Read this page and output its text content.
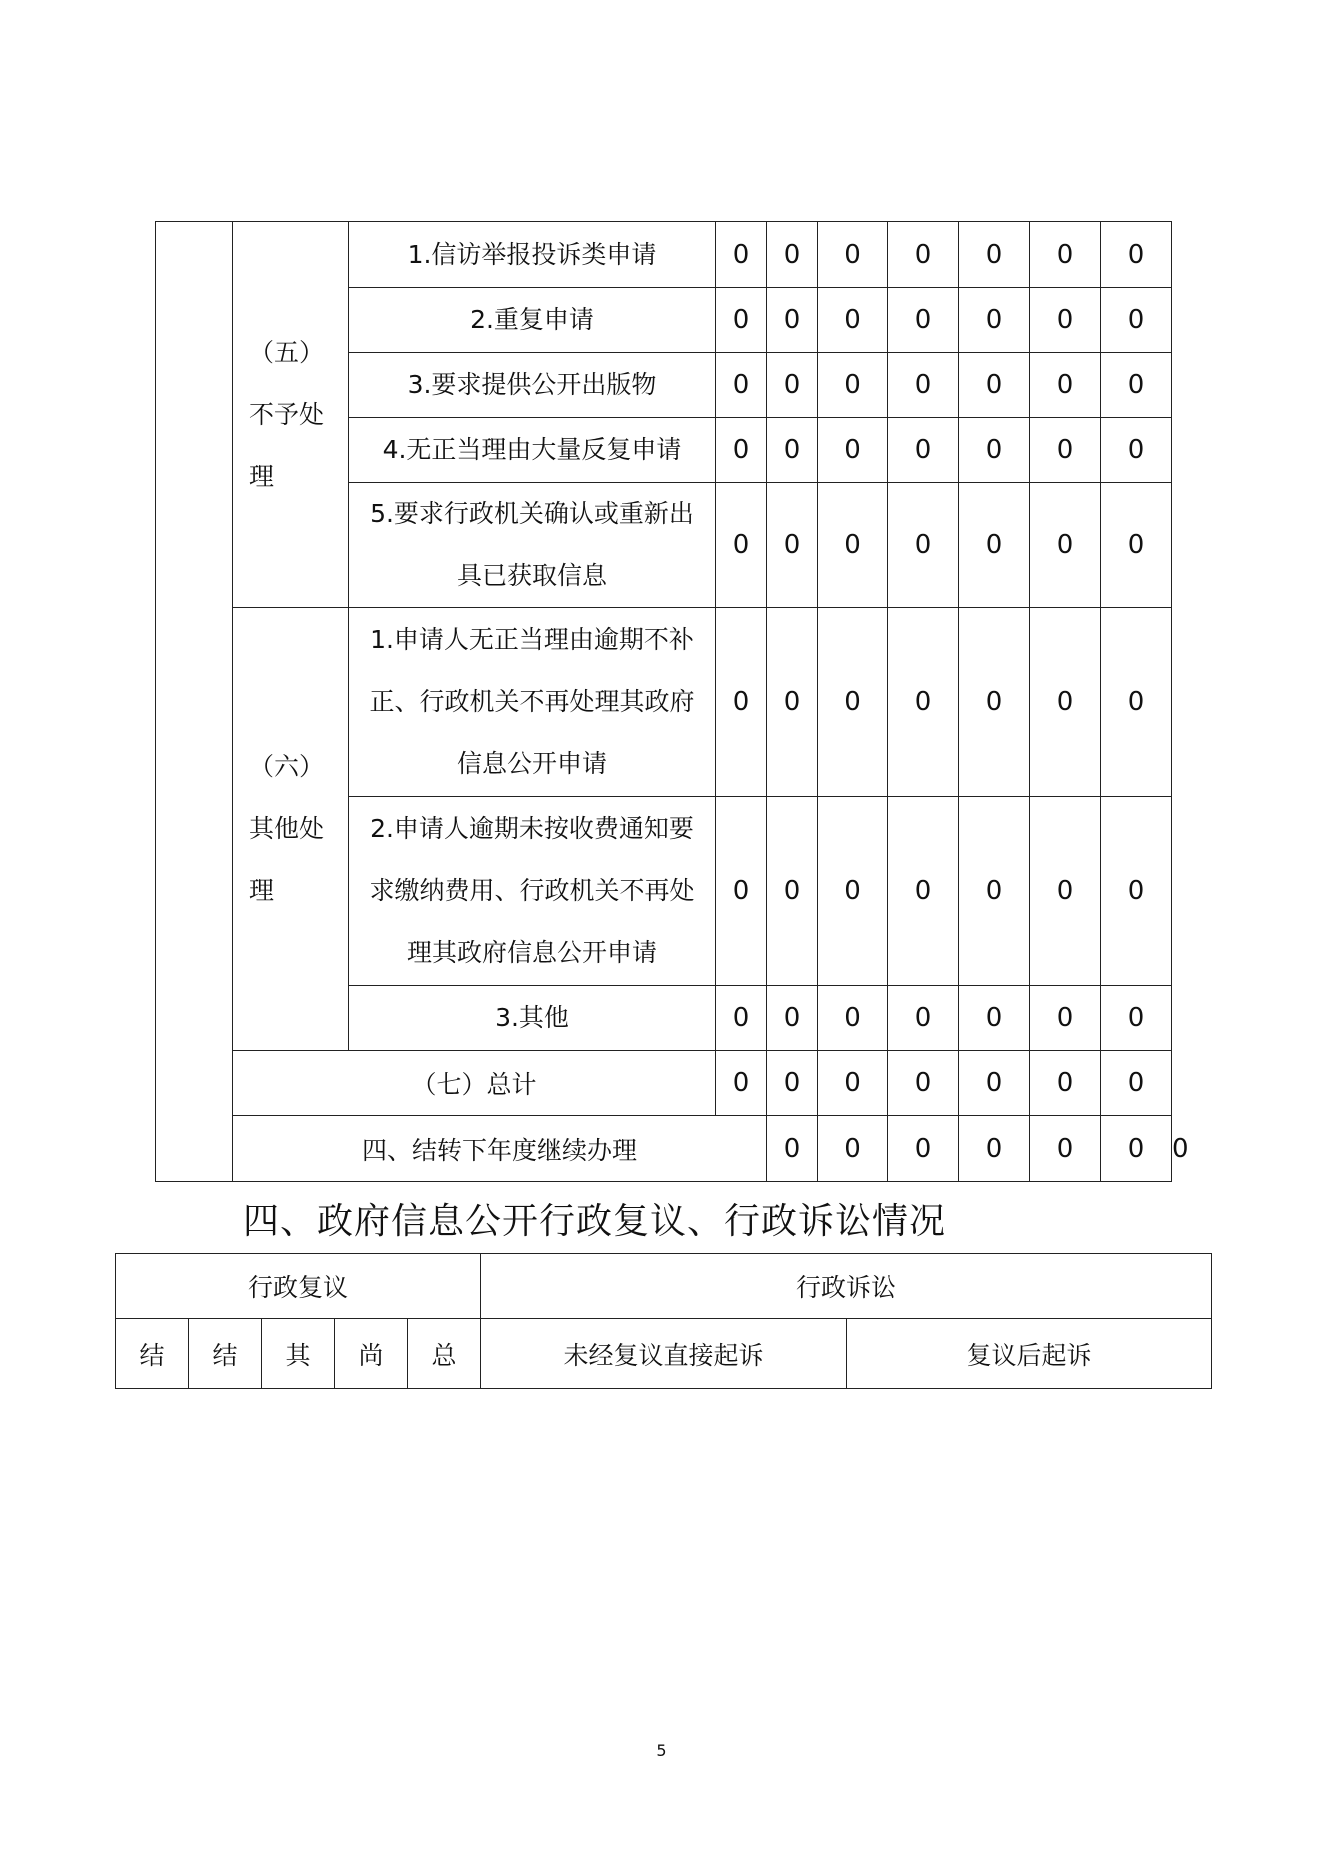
	（五）不予处理	1.信访举报投诉类申请	0	0	0	0	0	0	0	
		2.重复申请	0	0	0	0	0	0	0	
		3.要求提供公开出版物	0	0	0	0	0	0	0	
		4.无正当理由大量反复申请	0	0	0	0	0	0	0	
		5.要求行政机关确认或重新出具已获取信息	0	0	0	0	0	0	0	
	（六）其他处理	1.申请人无正当理由逾期不补正、行政机关不再处理其政府信息公开申请	0	0	0	0	0	0	0	
		2.申请人逾期未按收费通知要求缴纳费用、行政机关不再处理其政府信息公开申请	0	0	0	0	0	0	0	
		3.其他	0	0	0	0	0	0	0	
	（七）总计		0	0	0	0	0	0	0	
	四、结转下年度继续办理			0	0	0	0	0	0	0
四、政府信息公开行政复议、行政诉讼情况
行政复议					行政诉讼	
结	结	其	尚	总	未经复议直接起诉	复议后起诉
5
